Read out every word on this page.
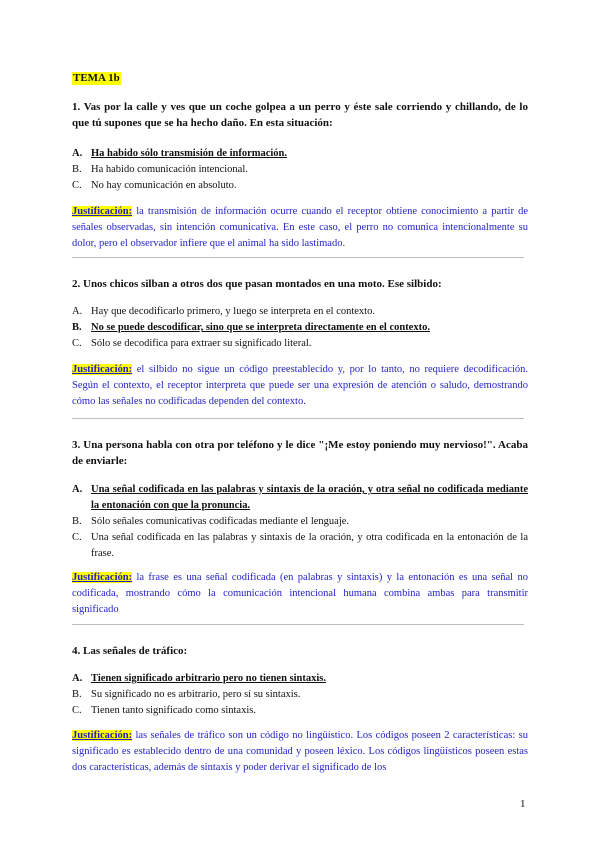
TEMA 1b
1. Vas por la calle y ves que un coche golpea a un perro y éste sale corriendo y chillando, de lo que tú supones que se ha hecho daño. En esta situación:
A. Ha habido sólo transmisión de información.
B. Ha habido comunicación intencional.
C. No hay comunicación en absoluto.
Justificación: la transmisión de información ocurre cuando el receptor obtiene conocimiento a partir de señales observadas, sin intención comunicativa. En este caso, el perro no comunica intencionalmente su dolor, pero el observador infiere que el animal ha sido lastimado.
2. Unos chicos silban a otros dos que pasan montados en una moto. Ese silbido:
A. Hay que decodificarlo primero, y luego se interpreta en el contexto.
B. No se puede descodificar, sino que se interpreta directamente en el contexto.
C. Sólo se decodifica para extraer su significado literal.
Justificación: el silbido no sigue un código preestablecido y, por lo tanto, no requiere decodificación. Según el contexto, el receptor interpreta que puede ser una expresión de atención o saludo, demostrando cómo las señales no codificadas dependen del contexto.
3. Una persona habla con otra por teléfono y le dice "¡Me estoy poniendo muy nervioso!". Acaba de enviarle:
A. Una señal codificada en las palabras y sintaxis de la oración, y otra señal no codificada mediante la entonación con que la pronuncia.
B. Sólo señales comunicativas codificadas mediante el lenguaje.
C. Una señal codificada en las palabras y sintaxis de la oración, y otra codificada en la entonación de la frase.
Justificación: la frase es una señal codificada (en palabras y sintaxis) y la entonación es una señal no codificada, mostrando cómo la comunicación intencional humana combina ambas para transmitir significado
4. Las señales de tráfico:
A. Tienen significado arbitrario pero no tienen sintaxis.
B. Su significado no es arbitrario, pero sí su sintaxis.
C. Tienen tanto significado como sintaxis.
Justificación: las señales de tráfico son un código no lingüístico. Los códigos poseen 2 características: su significado es establecido dentro de una comunidad y poseen léxico. Los códigos lingüísticos poseen estas dos características, además de sintaxis y poder derivar el significado de los
1
